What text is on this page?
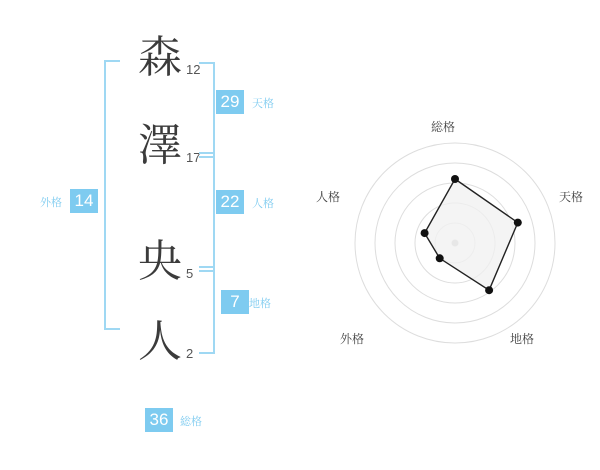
14
外格
森 12
澤 17
央 5
人 2
29	天格
22	人格
7 地格
36	総格
総格
天格
地格
外格
人格
